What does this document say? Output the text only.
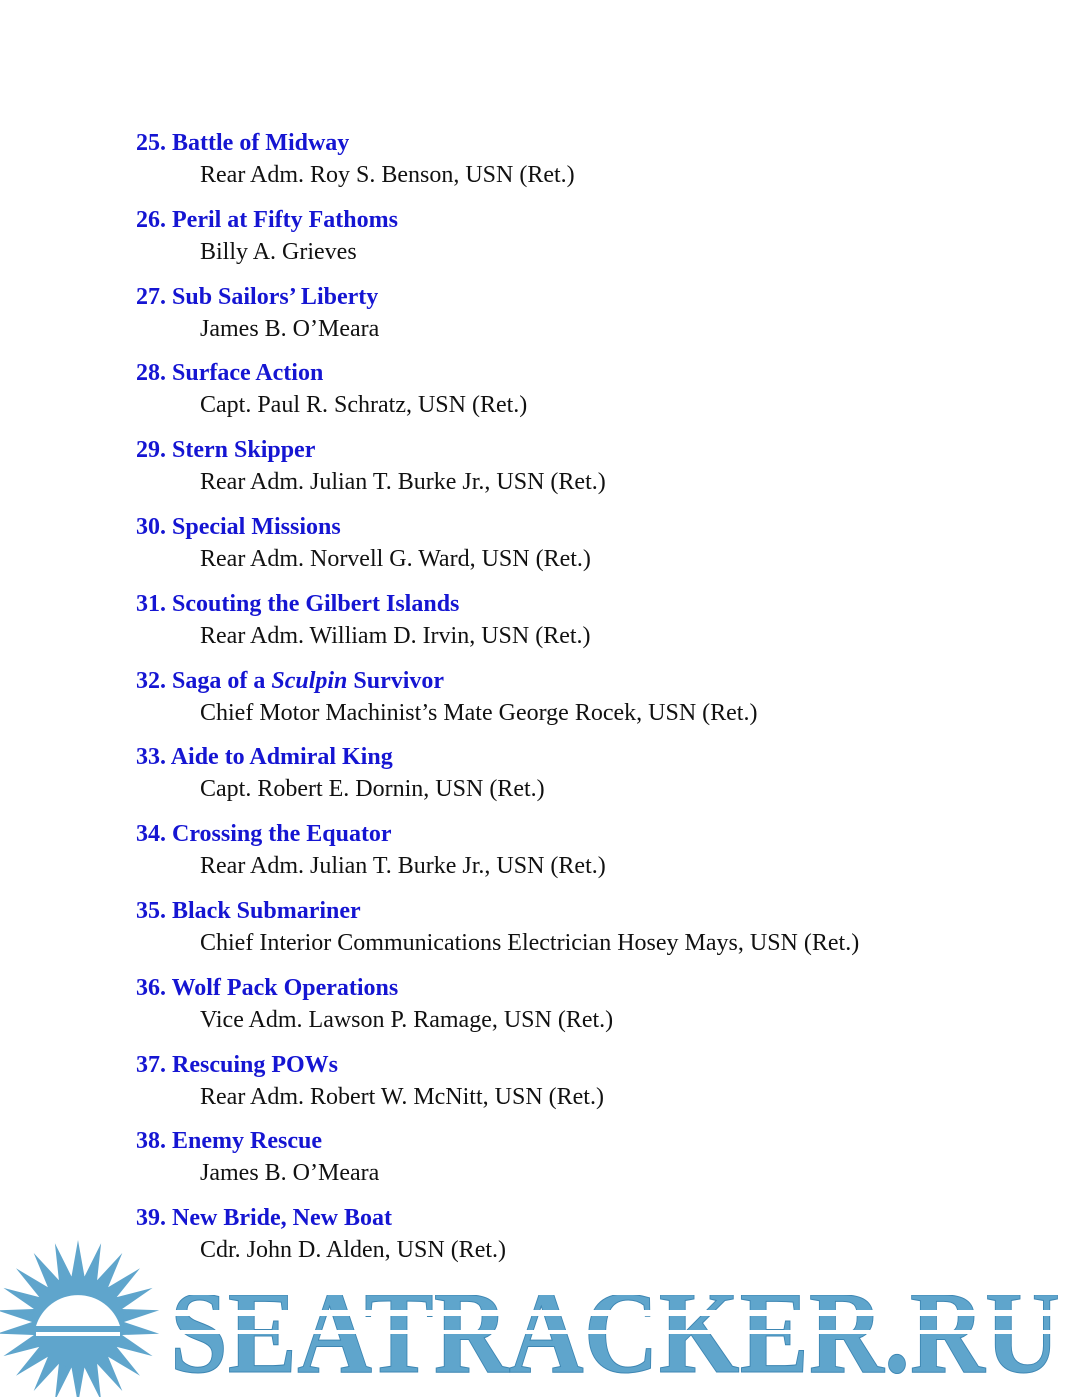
25. Battle of Midway
Rear Adm. Roy S. Benson, USN (Ret.)
26. Peril at Fifty Fathoms
Billy A. Grieves
27. Sub Sailors’ Liberty
James B. O’Meara
28. Surface Action
Capt. Paul R. Schratz, USN (Ret.)
29. Stern Skipper
Rear Adm. Julian T. Burke Jr., USN (Ret.)
30. Special Missions
Rear Adm. Norvell G. Ward, USN (Ret.)
31. Scouting the Gilbert Islands
Rear Adm. William D. Irvin, USN (Ret.)
32. Saga of a Sculpin Survivor
Chief Motor Machinist’s Mate George Rocek, USN (Ret.)
33. Aide to Admiral King
Capt. Robert E. Dornin, USN (Ret.)
34. Crossing the Equator
Rear Adm. Julian T. Burke Jr., USN (Ret.)
35. Black Submariner
Chief Interior Communications Electrician Hosey Mays, USN (Ret.)
36. Wolf Pack Operations
Vice Adm. Lawson P. Ramage, USN (Ret.)
37. Rescuing POWs
Rear Adm. Robert W. McNitt, USN (Ret.)
38. Enemy Rescue
James B. O’Meara
39. New Bride, New Boat
Cdr. John D. Alden, USN (Ret.)
